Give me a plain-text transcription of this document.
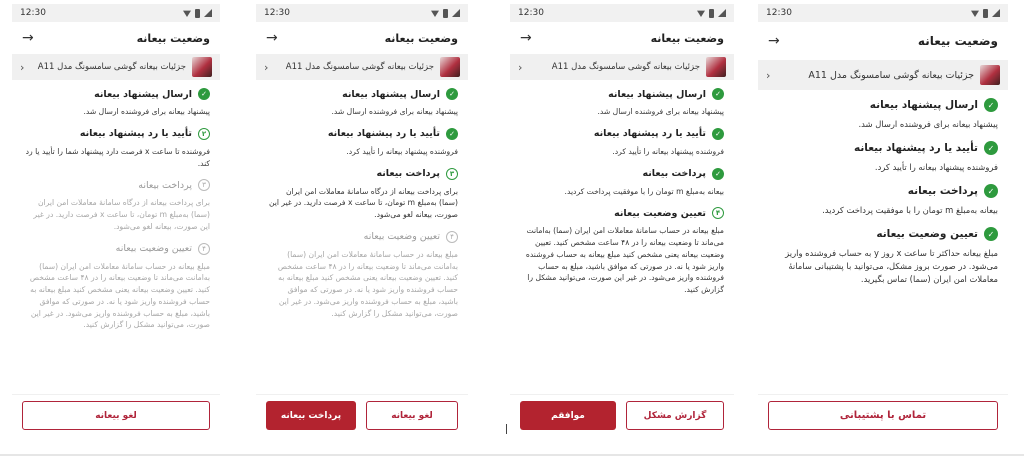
12:30
وضعیت بیعانه
→
جزئیات بیعانه گوشی سامسونگ مدل A11
‹
✓
ارسال پیشنهاد بیعانه
پیشنهاد بیعانه برای فروشنده ارسال شد.
۲
تأیید یا رد پیشنهاد بیعانه
فروشنده تا ساعت x فرصت دارد پیشنهاد شما را تأیید یا رد کند.
۳
پرداخت بیعانه
برای پرداخت بیعانه از درگاه سامانهٔ معاملات امن ایران (سما) به‌مبلغ m تومان، تا ساعت x فرصت دارید. در غیر این صورت، بیعانه لغو می‌شود.
۴
تعیین وضعیت بیعانه
مبلغ بیعانه در حساب سامانهٔ معاملات امن ایران (سما) به‌امانت می‌ماند تا وضعیت بیعانه را در ۴۸ ساعت مشخص کنید. تعیین وضعیت بیعانه یعنی مشخص کنید مبلغ بیعانه به حساب فروشنده واریز شود یا نه. در صورتی که موافق باشید، مبلغ به حساب فروشنده واریز می‌شود. در غیر این صورت، می‌توانید مشکل را گزارش کنید.
لغو بیعانه
12:30
وضعیت بیعانه
→
جزئیات بیعانه گوشی سامسونگ مدل A11
‹
✓
ارسال پیشنهاد بیعانه
پیشنهاد بیعانه برای فروشنده ارسال شد.
✓
تأیید یا رد پیشنهاد بیعانه
فروشنده پیشنهاد بیعانه را تأیید کرد.
۳
پرداخت بیعانه
برای پرداخت بیعانه از درگاه سامانهٔ معاملات امن ایران (سما) به‌مبلغ m تومان، تا ساعت x فرصت دارید. در غیر این صورت، بیعانه لغو می‌شود.
۴
تعیین وضعیت بیعانه
مبلغ بیعانه در حساب سامانهٔ معاملات امن ایران (سما) به‌امانت می‌ماند تا وضعیت بیعانه را در ۴۸ ساعت مشخص کنید. تعیین وضعیت بیعانه یعنی مشخص کنید مبلغ بیعانه به حساب فروشنده واریز شود یا نه. در صورتی که موافق باشید، مبلغ به حساب فروشنده واریز می‌شود. در غیر این صورت، می‌توانید مشکل را گزارش کنید.
لغو بیعانه
پرداخت بیعانه
12:30
وضعیت بیعانه
→
جزئیات بیعانه گوشی سامسونگ مدل A11
‹
✓
ارسال پیشنهاد بیعانه
پیشنهاد بیعانه برای فروشنده ارسال شد.
✓
تأیید یا رد پیشنهاد بیعانه
فروشنده پیشنهاد بیعانه را تأیید کرد.
✓
پرداخت بیعانه
بیعانه به‌مبلغ m تومان را با موفقیت پرداخت کردید.
۴
تعیین وضعیت بیعانه
مبلغ بیعانه در حساب سامانهٔ معاملات امن ایران (سما) به‌امانت می‌ماند تا وضعیت بیعانه را در ۴۸ ساعت مشخص کنید. تعیین وضعیت بیعانه یعنی مشخص کنید مبلغ بیعانه به حساب فروشنده واریز شود یا نه. در صورتی که موافق باشید، مبلغ به حساب فروشنده واریز می‌شود. در غیر این صورت، می‌توانید مشکل را گزارش کنید.
گزارش مشکل
موافقم
12:30
وضعیت بیعانه
→
جزئیات بیعانه گوشی سامسونگ مدل A11
‹
✓
ارسال پیشنهاد بیعانه
پیشنهاد بیعانه برای فروشنده ارسال شد.
✓
تأیید یا رد پیشنهاد بیعانه
فروشنده پیشنهاد بیعانه را تأیید کرد.
✓
پرداخت بیعانه
بیعانه به‌مبلغ m تومان را با موفقیت پرداخت کردید.
✓
تعیین وضعیت بیعانه
مبلغ بیعانه حداکثر تا ساعت x روز y به حساب فروشنده واریز می‌شود. در صورت بروز مشکل، می‌توانید با پشتیبانی سامانهٔ معاملات امن ایران (سما) تماس بگیرید.
تماس با پشتیبانی
